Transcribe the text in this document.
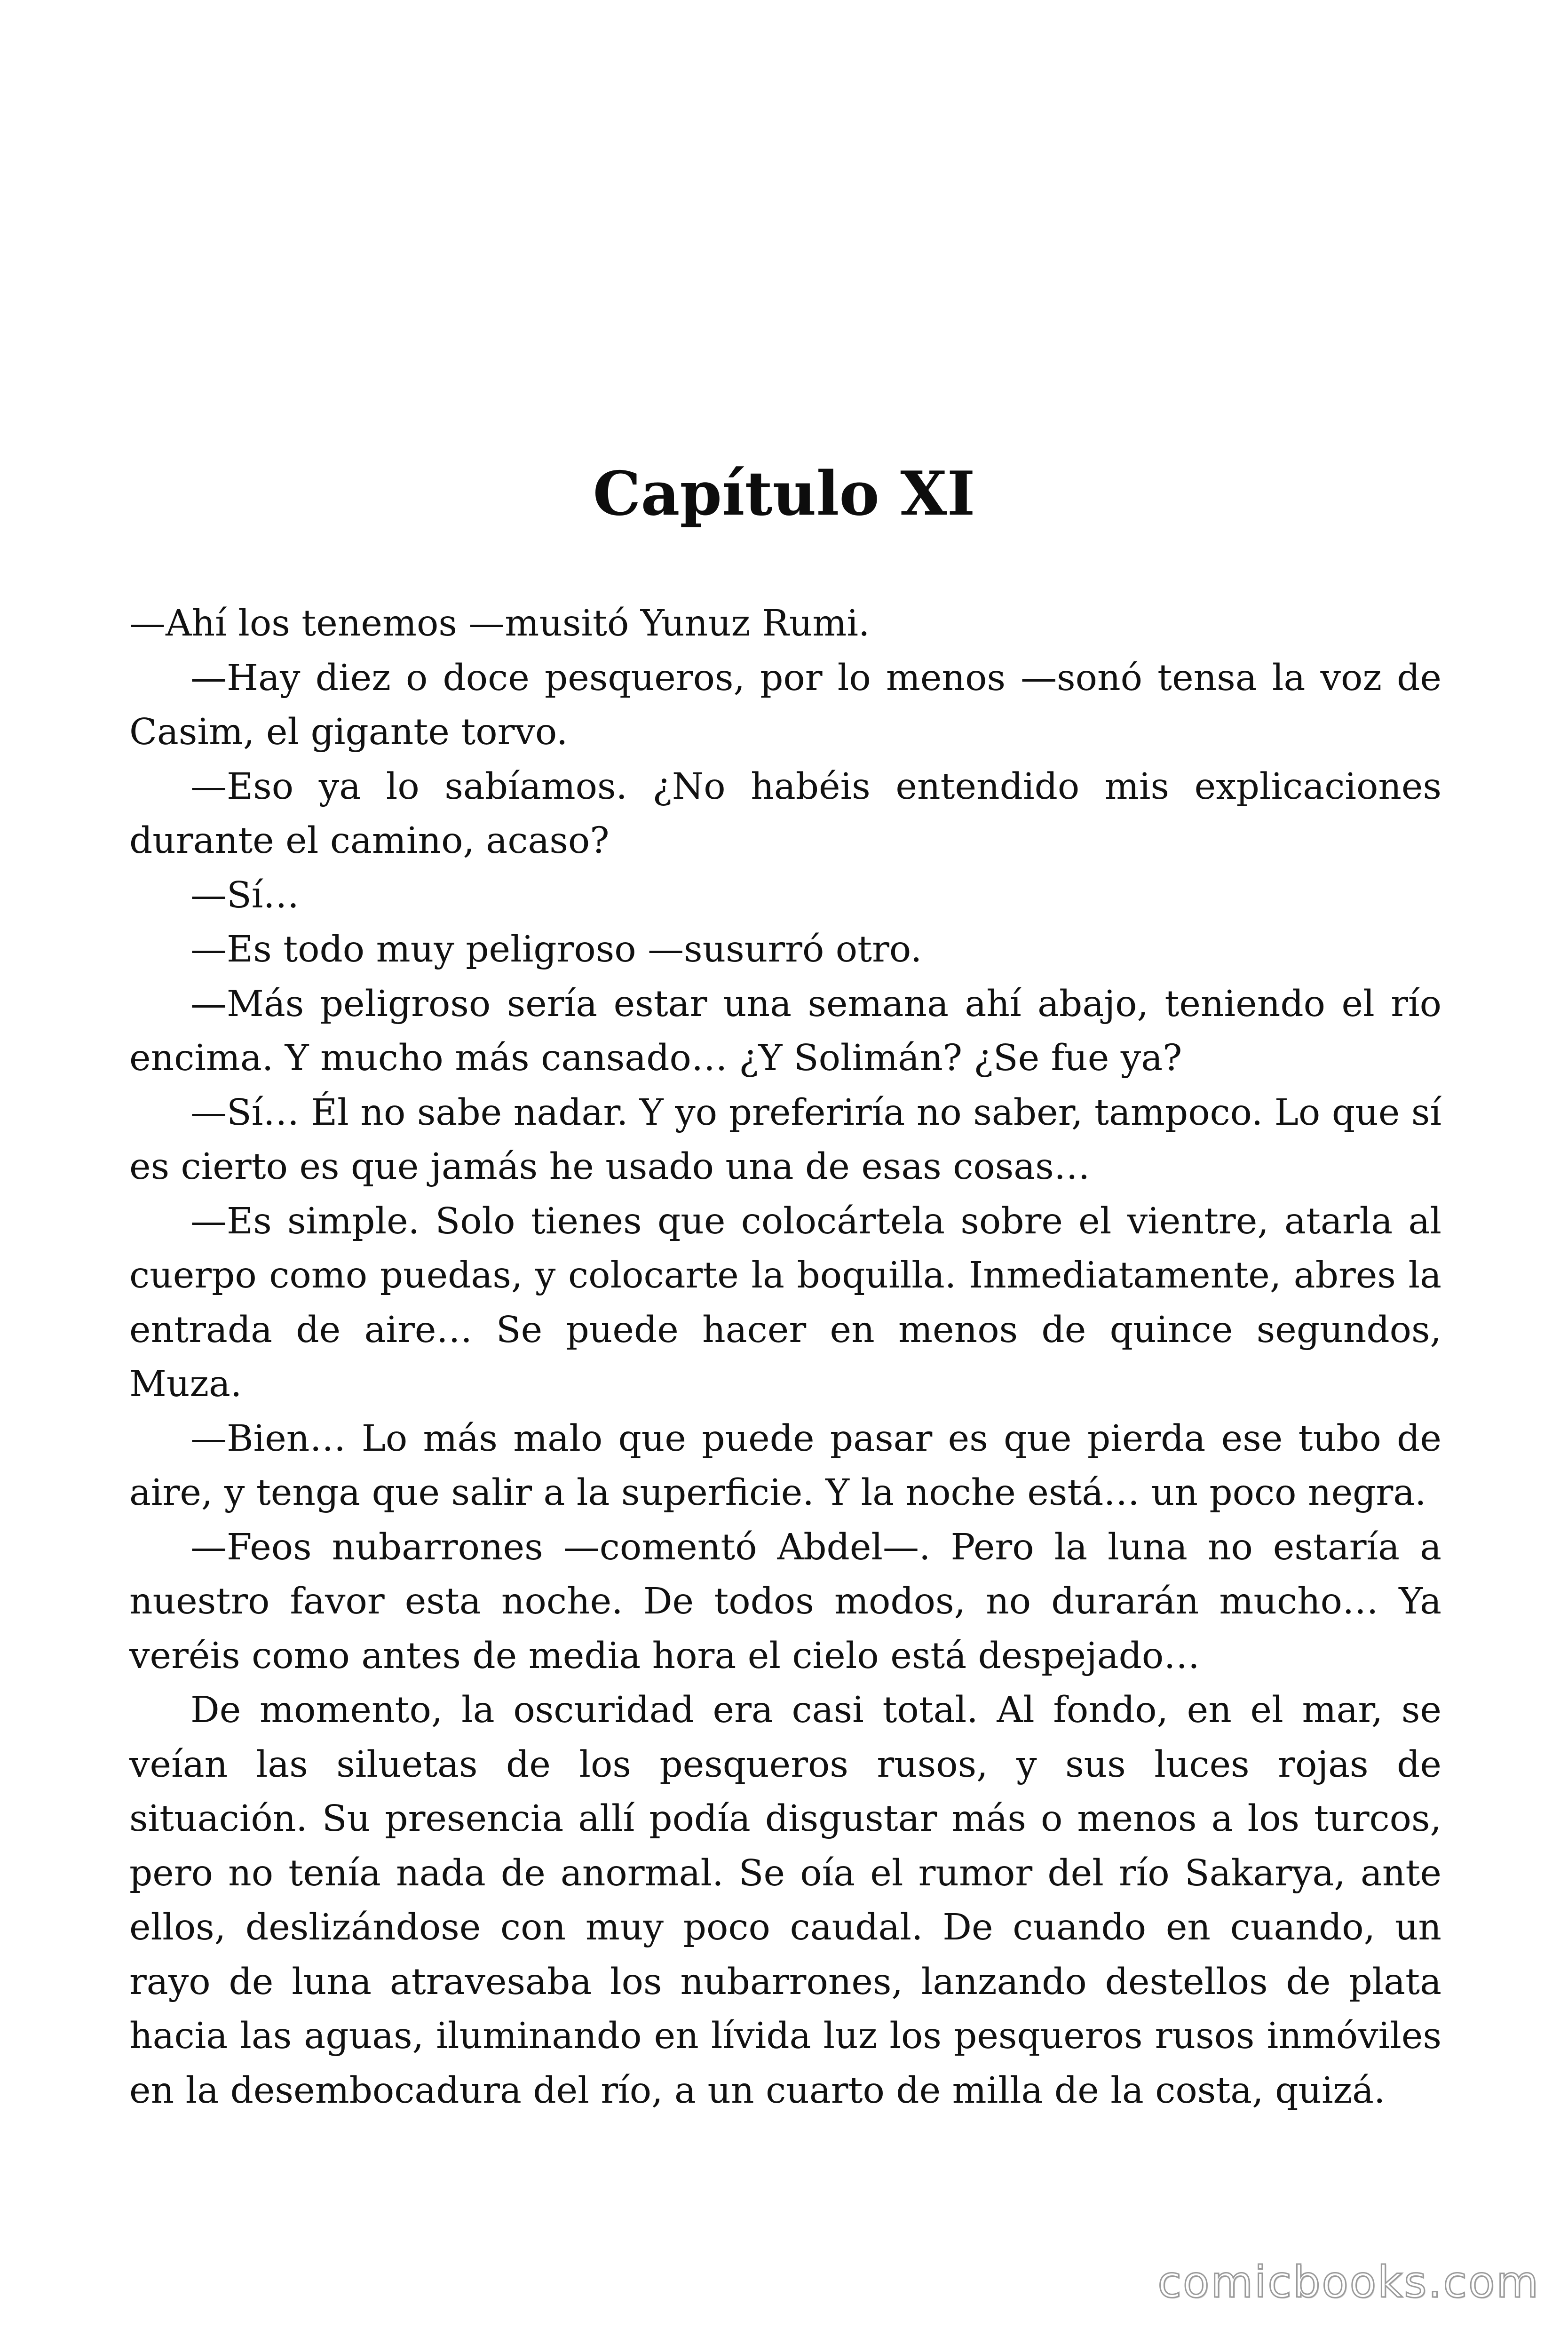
Capítulo XI

—Ahí los tenemos —musitó Yunuz Rumi.

—Hay diez o doce pesqueros, por lo menos —sonó tensa la voz de Casim, el gigante torvo.

—Eso ya lo sabíamos. ¿No habéis entendido mis explicaciones durante el camino, acaso?

—Sí…

—Es todo muy peligroso —susurró otro.

—Más peligroso sería estar una semana ahí abajo, teniendo el río encima. Y mucho más cansado… ¿Y Solimán? ¿Se fue ya?

—Sí… Él no sabe nadar. Y yo preferiría no saber, tampoco. Lo que sí es cierto es que jamás he usado una de esas cosas…

—Es simple. Solo tienes que colocártela sobre el vientre, atarla al cuerpo como puedas, y colocarte la boquilla. Inmediatamente, abres la entrada de aire… Se puede hacer en menos de quince segundos, Muza.

—Bien… Lo más malo que puede pasar es que pierda ese tubo de aire, y tenga que salir a la superficie. Y la noche está… un poco negra.

—Feos nubarrones —comentó Abdel—. Pero la luna no estaría a nuestro favor esta noche. De todos modos, no durarán mucho… Ya veréis como antes de media hora el cielo está despejado…

De momento, la oscuridad era casi total. Al fondo, en el mar, se veían las siluetas de los pesqueros rusos, y sus luces rojas de situación. Su presencia allí podía disgustar más o menos a los turcos, pero no tenía nada de anormal. Se oía el rumor del río Sakarya, ante ellos, deslizándose con muy poco caudal. De cuando en cuando, un rayo de luna atravesaba los nubarrones, lanzando destellos de plata hacia las aguas, iluminando en lívida luz los pesqueros rusos inmóviles en la desembocadura del río, a un cuarto de milla de la costa, quizá.

comicbooks.com
